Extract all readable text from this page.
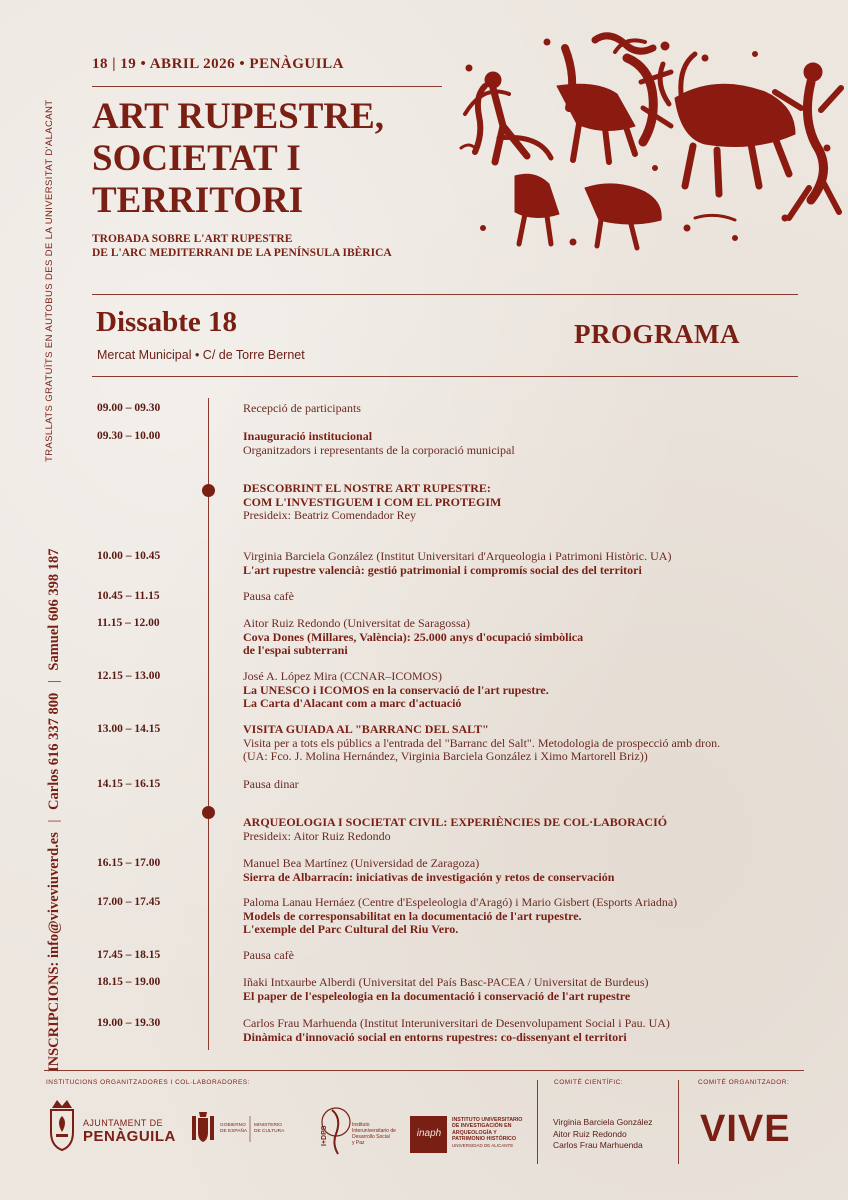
TRASLLATS GRATUÏTS EN AUTOBUS DES DE LA UNIVERSITAT D'ALACANT
INSCRIPCIONS: info@viveviuverd.es | Carlos 616 337 800 | Samuel 606 398 187
18 | 19 • ABRIL 2026 • PENÀGUILA
ART RUPESTRE,
SOCIETAT I
TERRITORI
TROBADA SOBRE L'ART RUPESTRE
DE L'ARC MEDITERRANI DE LA PENÍNSULA IBÈRICA
Dissabte 18
Mercat Municipal • C/ de Torre Bernet
PROGRAMA
09.00 – 09.30	Recepció de participants
09.30 – 10.00	Inauguració institucional
Organitzadors i representants de la corporació municipal
DESCOBRINT EL NOSTRE ART RUPESTRE:
COM L'INVESTIGUEM I COM EL PROTEGIM
Presideix: Beatriz Comendador Rey
10.00 – 10.45	Virginia Barciela González (Institut Universitari d'Arqueologia i Patrimoni Històric. UA)
L'art rupestre valencià: gestió patrimonial i compromís social des del territori
10.45 – 11.15	Pausa cafè
11.15 – 12.00	Aitor Ruiz Redondo (Universitat de Saragossa)
Cova Dones (Millares, València): 25.000 anys d'ocupació simbòlica
de l'espai subterrani
12.15 – 13.00	José A. López Mira (CCNAR–ICOMOS)
La UNESCO i ICOMOS en la conservació de l'art rupestre.
La Carta d'Alacant com a marc d'actuació
13.00 – 14.15	VISITA GUIADA AL "BARRANC DEL SALT"
Visita per a tots els públics a l'entrada del "Barranc del Salt". Metodologia de prospecció amb dron.
(UA: Fco. J. Molina Hernández, Virginia Barciela González i Ximo Martorell Briz))
14.15 – 16.15	Pausa dinar
ARQUEOLOGIA I SOCIETAT CIVIL: EXPERIÈNCIES DE COL·LABORACIÓ
Presideix: Aitor Ruiz Redondo
16.15 – 17.00	Manuel Bea Martínez (Universidad de Zaragoza)
Sierra de Albarracín: iniciativas de investigación y retos de conservación
17.00 – 17.45	Paloma Lanau Hernáez (Centre d'Espeleologia d'Aragó) i Mario Gisbert (Esports Ariadna)
Models de corresponsabilitat en la documentació de l'art rupestre.
L'exemple del Parc Cultural del Riu Vero.
17.45 – 18.15	Pausa cafè
18.15 – 19.00	Iñaki Intxaurbe Alberdi (Universitat del País Basc-PACEA / Universitat de Burdeus)
El paper de l'espeleologia en la documentació i conservació de l'art rupestre
19.00 – 19.30	Carlos Frau Marhuenda (Institut Interuniversitari de Desenvolupament Social i Pau. UA)
Dinàmica d'innovació social en entorns rupestres: co-dissenyant el territori
INSTITUCIONS ORGANITZADORES I COL·LABORADORES:	COMITÉ CIENTÍFIC:	COMITÉ ORGANITZADOR:
AJUNTAMENT DE
PENÀGUILA
GOBIERNO
DE ESPAÑA
MINISTERIO
DE CULTURA	I+DPS
Instituto
Interuniversitario de
Desarrollo Social
y Paz
inaph
INSTITUTO UNIVERSITARIO
DE INVESTIGACIÓN EN
ARQUEOLOGÍA Y
PATRIMONIO HISTÓRICO
UNIVERSIDAD DE ALICANTE
Virginia Barciela González
Aitor Ruiz Redondo
Carlos Frau Marhuenda VIVE
